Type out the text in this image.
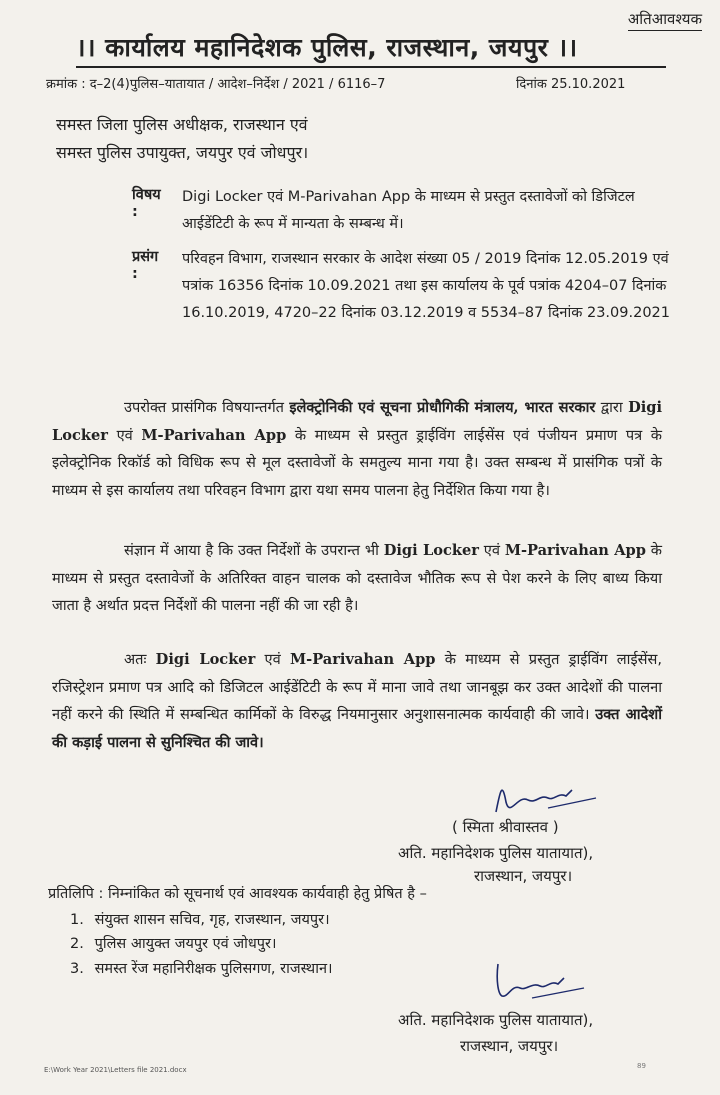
अतिआवश्यक
।। कार्यालय महानिदेशक पुलिस, राजस्थान, जयपुर ।।
क्रमांक : द–2(4)पुलिस–यातायात / आदेश–निर्देश / 2021 / 6116–7	दिनांक 25.10.2021
समस्त जिला पुलिस अधीक्षक, राजस्थान एवं
समस्त पुलिस उपायुक्त, जयपुर एवं जोधपुर।
विषय :
Digi Locker एवं M-Parivahan App के माध्यम से प्रस्तुत दस्तावेजों को डिजिटल आईडेंटिटी के रूप में मान्यता के सम्बन्ध में।
प्रसंग :
परिवहन विभाग, राजस्थान सरकार के आदेश संख्या 05 / 2019 दिनांक 12.05.2019 एवं पत्रांक 16356 दिनांक 10.09.2021 तथा इस कार्यालय के पूर्व पत्रांक 4204–07 दिनांक 16.10.2019, 4720–22 दिनांक 03.12.2019 व 5534–87 दिनांक 23.09.2021
उपरोक्त प्रासंगिक विषयान्तर्गत इलेक्ट्रोनिकी एवं सूचना प्रोधौगिकी मंत्रालय, भारत सरकार द्वारा Digi Locker एवं M-Parivahan App के माध्यम से प्रस्तुत ड्राईविंग लाईसेंस एवं पंजीयन प्रमाण पत्र के इलेक्ट्रोनिक रिकॉर्ड को विधिक रूप से मूल दस्तावेजों के समतुल्य माना गया है। उक्त सम्बन्ध में प्रासंगिक पत्रों के माध्यम से इस कार्यालय तथा परिवहन विभाग द्वारा यथा समय पालना हेतु निर्देशित किया गया है।
संज्ञान में आया है कि उक्त निर्देशों के उपरान्त भी Digi Locker एवं M-Parivahan App के माध्यम से प्रस्तुत दस्तावेजों के अतिरिक्त वाहन चालक को दस्तावेज भौतिक रूप से पेश करने के लिए बाध्य किया जाता है अर्थात प्रदत्त निर्देशों की पालना नहीं की जा रही है।
अतः Digi Locker एवं M-Parivahan App के माध्यम से प्रस्तुत ड्राईविंग लाईसेंस, रजिस्ट्रेशन प्रमाण पत्र आदि को डिजिटल आईडेंटिटी के रूप में माना जावे तथा जानबूझ कर उक्त आदेशों की पालना नहीं करने की स्थिति में सम्बन्धित कार्मिकों के विरुद्ध नियमानुसार अनुशासनात्मक कार्यवाही की जावे। उक्त आदेशों की कड़ाई पालना से सुनिश्चित की जावे।
( स्मिता श्रीवास्तव )
अति. महानिदेशक पुलिस यातायात),
राजस्थान, जयपुर।
प्रतिलिपि : निम्नांकित को सूचनार्थ एवं आवश्यक कार्यवाही हेतु प्रेषित है –
1. संयुक्त शासन सचिव, गृह, राजस्थान, जयपुर।
2. पुलिस आयुक्त जयपुर एवं जोधपुर।
3. समस्त रेंज महानिरीक्षक पुलिसगण, राजस्थान।
अति. महानिदेशक पुलिस यातायात),
राजस्थान, जयपुर।
E:\Work Year 2021\Letters file 2021.docx	89
